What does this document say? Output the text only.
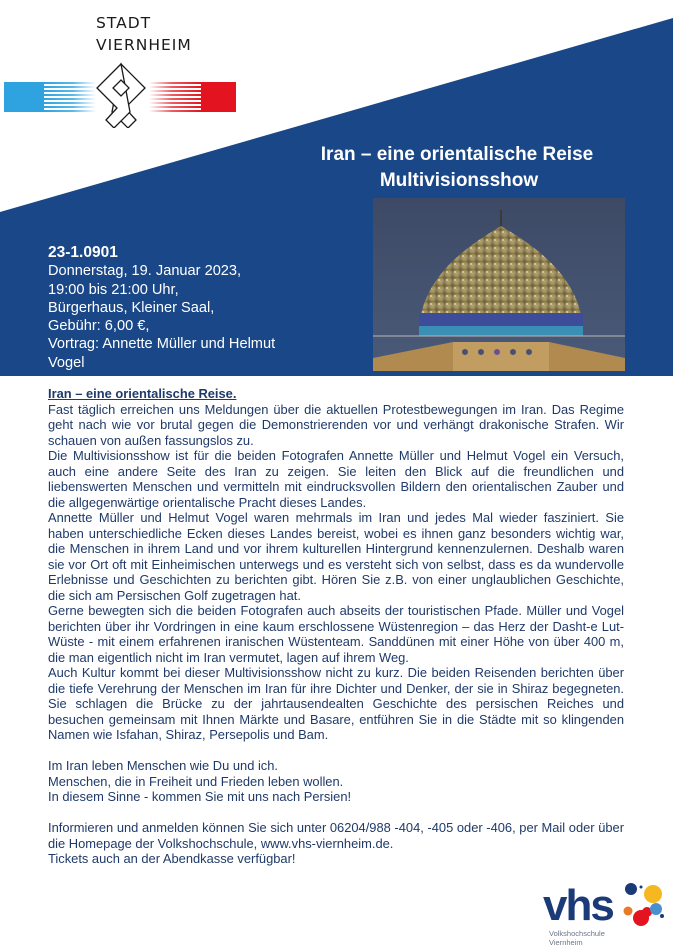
STADT
VIERNHEIM
Iran – eine orientalische Reise
Multivisionsshow
23-1.0901
Donnerstag, 19. Januar 2023,
19:00 bis 21:00 Uhr,
Bürgerhaus, Kleiner Saal,
Gebühr: 6,00 €,
Vortrag: Annette Müller und Helmut
Vogel

Iran – eine orientalische Reise.

Fast täglich erreichen uns Meldungen über die aktuellen Protestbewegungen im Iran. Das Regime geht nach wie vor brutal gegen die Demonstrierenden vor und verhängt drakonische Strafen. Wir schauen von außen fassungslos zu.

Die Multivisionsshow ist für die beiden Fotografen Annette Müller und Helmut Vogel ein Versuch, auch eine andere Seite des Iran zu zeigen. Sie leiten den Blick auf die freundlichen und liebenswerten Menschen und vermitteln mit eindrucksvollen Bildern den orientalischen Zauber und die allgegenwärtige orientalische Pracht dieses Landes.

Annette Müller und Helmut Vogel waren mehrmals im Iran und jedes Mal wieder fasziniert. Sie haben unterschiedliche Ecken dieses Landes bereist, wobei es ihnen ganz besonders wichtig war, die Menschen in ihrem Land und vor ihrem kulturellen Hintergrund kennenzulernen. Deshalb waren sie vor Ort oft mit Einheimischen unterwegs und es versteht sich von selbst, dass es da wundervolle Erlebnisse und Geschichten zu berichten gibt. Hören Sie z.B. von einer unglaublichen Geschichte, die sich am Persischen Golf zugetragen hat.

Gerne bewegten sich die beiden Fotografen auch abseits der touristischen Pfade. Müller und Vogel berichten über ihr Vordringen in eine kaum erschlossene Wüstenregion – das Herz der Dasht-e Lut- Wüste - mit einem erfahrenen iranischen Wüstenteam. Sanddünen mit einer Höhe von über 400 m, die man eigentlich nicht im Iran vermutet, lagen auf ihrem Weg.

Auch Kultur kommt bei dieser Multivisionsshow nicht zu kurz. Die beiden Reisenden berichten über die tiefe Verehrung der Menschen im Iran für ihre Dichter und Denker, der sie in Shiraz begegneten. Sie schlagen die Brücke zu der jahrtausendealten Geschichte des persischen Reiches und besuchen gemeinsam mit Ihnen Märkte und Basare, entführen Sie in die Städte mit so klingenden Namen wie Isfahan, Shiraz, Persepolis und Bam.

Im Iran leben Menschen wie Du und ich.

Menschen, die in Freiheit und Frieden leben wollen.

In diesem Sinne - kommen Sie mit uns nach Persien!

Informieren und anmelden können Sie sich unter 06204/988 -404, -405 oder -406, per Mail oder über die Homepage der Volkshochschule, www.vhs-viernheim.de.

Tickets auch an der Abendkasse verfügbar!

vhs
Volkshochschule
Viernheim
